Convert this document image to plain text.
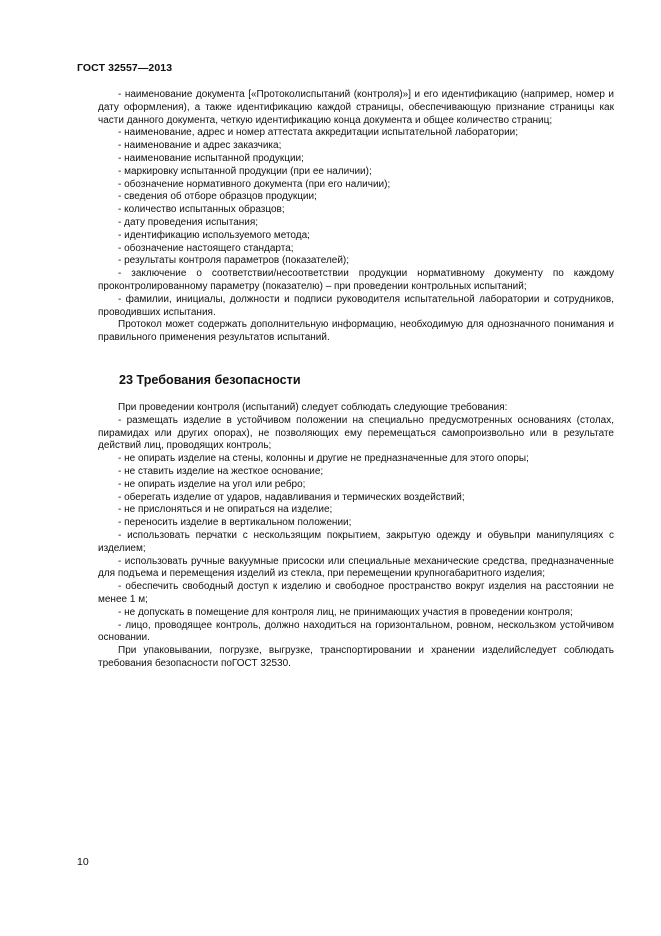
ГОСТ 32557—2013

- наименование документа [«Протоколиспытаний (контроля)»] и его идентификацию (например, номер и дату оформления), а также идентификацию каждой страницы, обеспечивающую признание страницы как части данного документа, четкую идентификацию конца документа и общее количество страниц;

- наименование, адрес и номер аттестата аккредитации испытательной лаборатории;

- наименование и адрес заказчика;

- наименование испытанной продукции;

- маркировку испытанной продукции (при ее наличии);

- обозначение нормативного документа (при его наличии);

- сведения об отборе образцов продукции;

- количество испытанных образцов;

- дату проведения испытания;

- идентификацию используемого метода;

- обозначение настоящего стандарта;

- результаты контроля параметров (показателей);

- заключение о соответствии/несоответствии продукции нормативному документу по каждому проконтролированному параметру (показателю) – при проведении контрольных испытаний;

- фамилии, инициалы, должности и подписи руководителя испытательной лаборатории и сотрудников, проводивших испытания.

Протокол может содержать дополнительную информацию, необходимую для однозначного понимания и правильного применения результатов испытаний.

23 Требования безопасности

При проведении контроля (испытаний) следует соблюдать следующие требования:

- размещать изделие в устойчивом положении на специально предусмотренных основаниях (столах, пирамидах или других опорах), не позволяющих ему перемещаться самопроизвольно или в результате действий лиц, проводящих контроль;

- не опирать изделие на стены, колонны и другие не предназначенные для этого опоры;

- не ставить изделие на жесткое основание;

- не опирать изделие на угол или ребро;

- оберегать изделие от ударов, надавливания и термических воздействий;

- не прислоняться и не опираться на изделие;

- переносить изделие в вертикальном положении;

- использовать перчатки с нескользящим покрытием, закрытую одежду и обувьпри манипуляциях с изделием;

- использовать ручные вакуумные присоски или специальные механические средства, предназначенные для подъема и перемещения изделий из стекла, при перемещении крупногабаритного изделия;

- обеспечить свободный доступ к изделию и свободное пространство вокруг изделия на расстоянии не менее 1 м;

- не допускать в помещение для контроля лиц, не принимающих участия в проведении контроля;

- лицо, проводящее контроль, должно находиться на горизонтальном, ровном, нескользком устойчивом основании.

При упаковывании, погрузке, выгрузке, транспортировании и хранении изделийследует соблюдать требования безопасности поГОСТ 32530.

10
